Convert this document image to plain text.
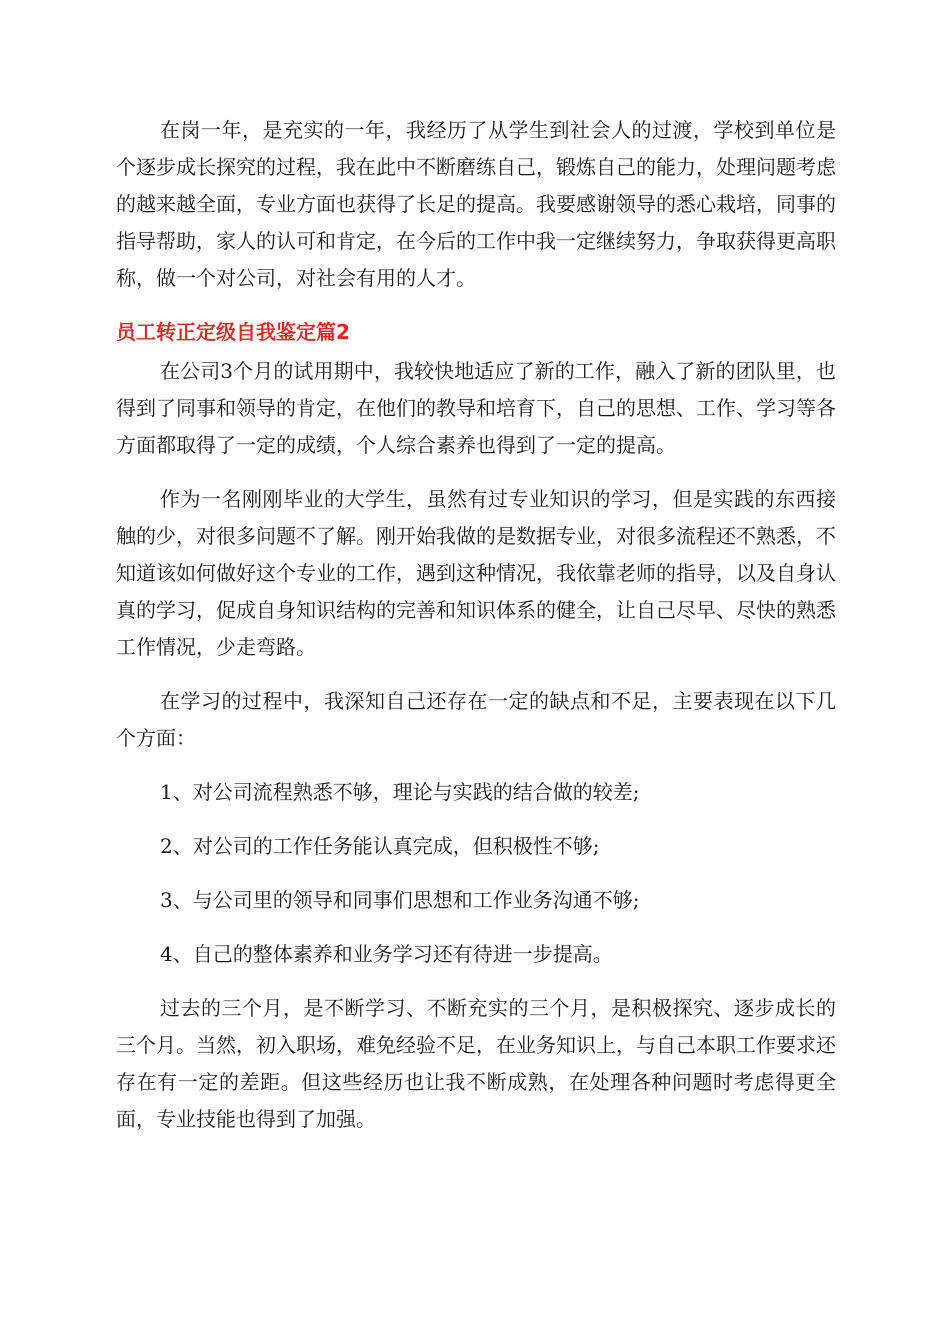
在岗一年，是充实的一年，我经历了从学生到社会人的过渡，学校到单位是个逐步成长探究的过程，我在此中不断磨练自己，锻炼自己的能力，处理问题考虑的越来越全面，专业方面也获得了长足的提高。我要感谢领导的悉心栽培，同事的指导帮助，家人的认可和肯定，在今后的工作中我一定继续努力，争取获得更高职称，做一个对公司，对社会有用的人才。

员工转正定级自我鉴定篇2

在公司3个月的试用期中，我较快地适应了新的工作，融入了新的团队里，也得到了同事和领导的肯定，在他们的教导和培育下，自己的思想、工作、学习等各方面都取得了一定的成绩，个人综合素养也得到了一定的提高。

作为一名刚刚毕业的大学生，虽然有过专业知识的学习，但是实践的东西接触的少，对很多问题不了解。刚开始我做的是数据专业，对很多流程还不熟悉，不知道该如何做好这个专业的工作，遇到这种情况，我依靠老师的指导，以及自身认真的学习，促成自身知识结构的完善和知识体系的健全，让自己尽早、尽快的熟悉工作情况，少走弯路。

在学习的过程中，我深知自己还存在一定的缺点和不足，主要表现在以下几个方面：

1、对公司流程熟悉不够，理论与实践的结合做的较差;

2、对公司的工作任务能认真完成，但积极性不够;

3、与公司里的领导和同事们思想和工作业务沟通不够;

4、自己的整体素养和业务学习还有待进一步提高。

过去的三个月，是不断学习、不断充实的三个月，是积极探究、逐步成长的三个月。当然，初入职场，难免经验不足，在业务知识上，与自己本职工作要求还存在有一定的差距。但这些经历也让我不断成熟，在处理各种问题时考虑得更全面，专业技能也得到了加强。
